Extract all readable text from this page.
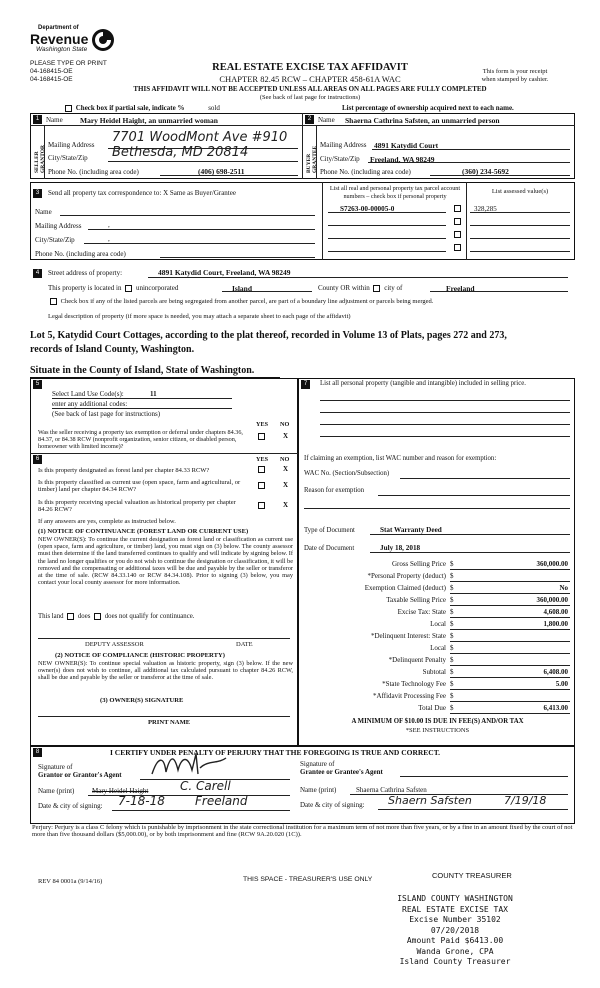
Department of
Revenue
Washington State
PLEASE TYPE OR PRINT
04-168415-OE
04-168415-OE
REAL ESTATE EXCISE TAX AFFIDAVIT
CHAPTER 82.45 RCW – CHAPTER 458-61A WAC
THIS AFFIDAVIT WILL NOT BE ACCEPTED UNLESS ALL AREAS ON ALL PAGES ARE FULLY COMPLETED
(See back of last page for instructions)
This form is your receipt
when stamped by cashier.
Check box if partial sale, indicate %	sold	List percentage of ownership acquired next to each name.
1 Name Mary Heidel Haight, an unmarried woman
SELLER GRANTOR Mailing Address 7701 WoodMont Ave #910
City/State/Zip Bethesda, MD 20814
Phone No. (including area code)	(406) 698-2511
2 Name Shaerna Cathrina Safsten, an unmarried person
BUYER GRANTEE
Mailing Address 4891 Katydid Court
City/State/Zip Freeland, WA 98249
Phone No. (including area code)	(360) 234-5692
3	Send all property tax correspondence to: X Same as Buyer/Grantee
Name
Mailing Address	,
City/State/Zip	,
Phone No. (including area code)
List all real and personal property tax parcel account
numbers – check box if personal property
List assessed value(s)
S7263-00-00005-0	328,285
4	Street address of property:	4891 Katydid Court, Freeland, WA 98249
This property is located in unincorporated	Island	County OR within city of	Freeland
Check box if any of the listed parcels are being segregated from another parcel, are part of a boundary line adjustment or parcels being merged.
Legal description of property (if more space is needed, you may attach a separate sheet to each page of the affidavit)
Lot 5, Katydid Court Cottages, according to the plat thereof, recorded in Volume 13 of Plats, pages 272 and 273,
records of Island County, Washington.
Situate in the County of Island, State of Washington.
5
Select Land Use Code(s):	11
enter any additional codes:
(See back of last page for instructions)
YES NO
Was the seller receiving a property tax exemption or deferral under chapters 84.36, 84.37, or 84.38 RCW (nonprofit organization, senior citizen, or disabled person, homeowner with limited income)?
X
6	YES NO
Is this property designated as forest land per chapter 84.33 RCW?	X
Is this property classified as current use (open space, farm and agricultural, or timber) land per chapter 84.34 RCW?
X
Is this property receiving special valuation as historical property per chapter 84.26 RCW?
X
If any answers are yes, complete as instructed below.
(1) NOTICE OF CONTINUANCE (FOREST LAND OR CURRENT USE)
NEW OWNER(S): To continue the current designation as forest land or classification as current use (open space, farm and agriculture, or timber) land, you must sign on (3) below. The county assessor must then determine if the land transferred continues to qualify and will indicate by signing below. If the land no longer qualifies or you do not wish to continue the designation or classification, it will be removed and the compensating or additional taxes will be due and payable by the seller or transferor at the time of sale. (RCW 84.33.140 or RCW 84.34.108). Prior to signing (3) below, you may contact your local county assessor for more information.
This land does does not qualify for continuance.
DEPUTY ASSESSOR	DATE
(2) NOTICE OF COMPLIANCE (HISTORIC PROPERTY)
NEW OWNER(S): To continue special valuation as historic property, sign (3) below. If the new owner(s) does not wish to continue, all additional tax calculated pursuant to chapter 84.26 RCW, shall be due and payable by the seller or transferor at the time of sale.
(3) OWNER(S) SIGNATURE
PRINT NAME
7	List all personal property (tangible and intangible) included in selling price.
If claiming an exemption, list WAC number and reason for exemption:
WAC No. (Section/Subsection)
Reason for exemption
Type of Document	Stat Warranty Deed
Date of Document	July 18, 2018
Gross Selling Price $	360,000.00
*Personal Property (deduct) $
Exemption Claimed (deduct) $	No
Taxable Selling Price $	360,000.00
Excise Tax: State $	4,608.00
Local $	1,800.00
*Delinquent Interest: State $
Local $
*Delinquent Penalty $
Subtotal $	6,408.00
*State Technology Fee $	5.00
*Affidavit Processing Fee $
Total Due $	6,413.00
A MINIMUM OF $10.00 IS DUE IN FEE(S) AND/OR TAX
*SEE INSTRUCTIONS
8	I CERTIFY UNDER PENALTY OF PERJURY THAT THE FOREGOING IS TRUE AND CORRECT.
Signature of
Grantor or Grantor's Agent
Name (print)	Mary Heidel Haight	C. Carell
Date & city of signing: 7-18-18	Freeland
Signature of
Grantee or Grantee's Agent
Name (print)	Shaerna Cathrina Safsten
Date & city of signing: Shaern Safsten	7/19/18
Perjury: Perjury is a class C felony which is punishable by imprisonment in the state correctional institution for a maximum term of not more than five years, or by a fine in an amount fixed by the court of not more than five thousand dollars ($5,000.00), or by both imprisonment and fine (RCW 9A.20.020 (1C)).
REV 84 0001a (9/14/16)	THIS SPACE - TREASURER'S USE ONLY	COUNTY TREASURER
ISLAND COUNTY WASHINGTON
REAL ESTATE EXCISE TAX
Excise Number 35102
07/20/2018
Amount Paid $6413.00
Wanda Grone, CPA
Island County Treasurer
